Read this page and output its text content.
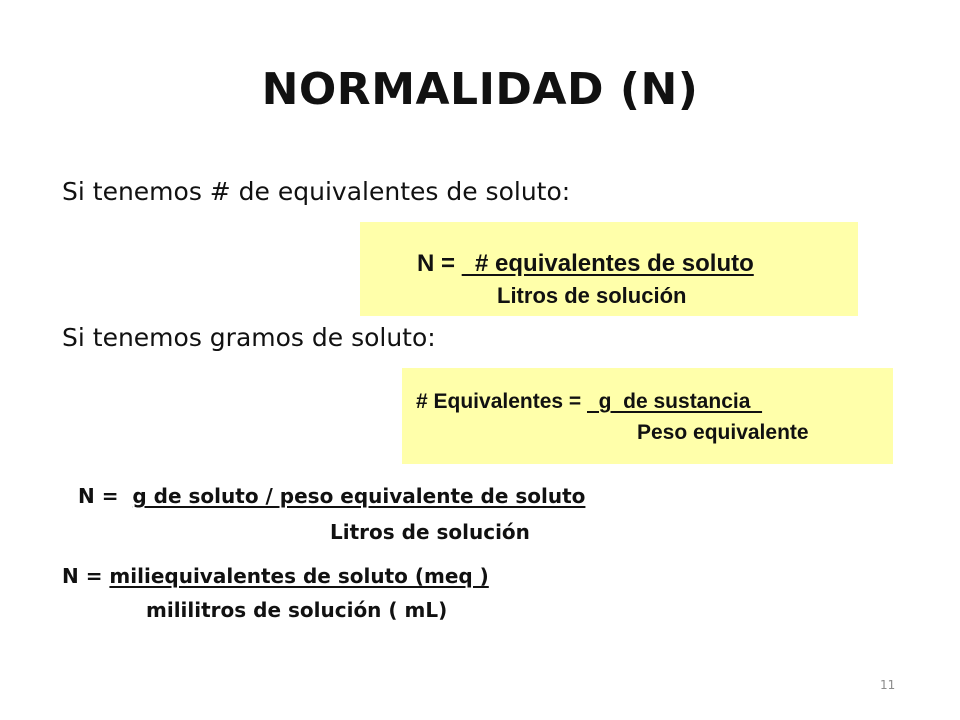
NORMALIDAD (N)
Si tenemos # de equivalentes de soluto:
N =   # equivalentes de soluto
Litros de solución
Si tenemos gramos de soluto:
# Equivalentes =   g  de sustancia
Peso equivalente
N =  g de soluto / peso equivalente de soluto
Litros de solución
N = miliequivalentes de soluto (meq )
mililitros de solución ( mL)
11
